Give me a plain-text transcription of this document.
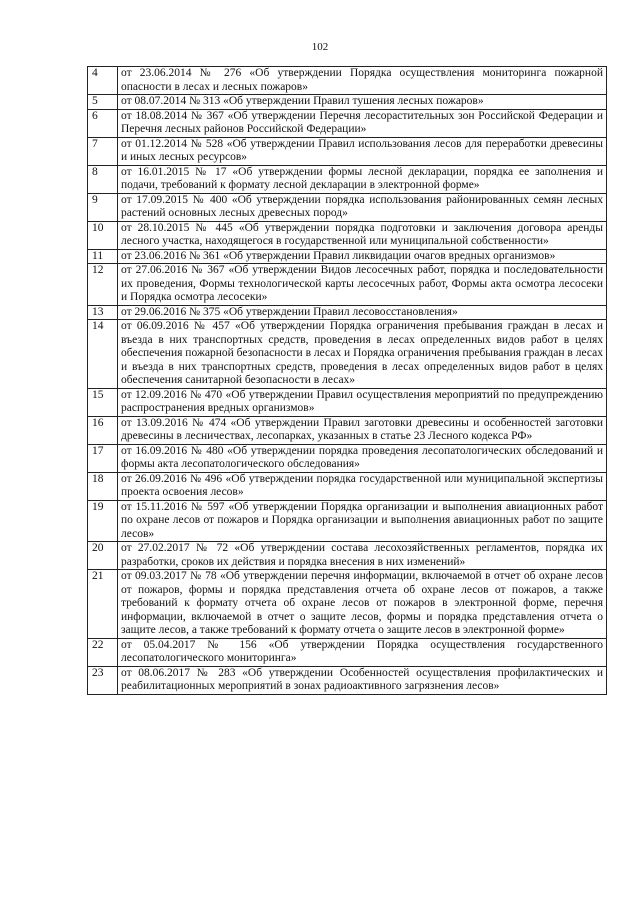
102
4	от 23.06.2014 № 276 «Об утверждении Порядка осуществления мониторинга пожарной опасности в лесах и лесных пожаров»
5	от 08.07.2014 № 313 «Об утверждении Правил тушения лесных пожаров»
6	от 18.08.2014 № 367 «Об утверждении Перечня лесорастительных зон Российской Федерации и Перечня лесных районов Российской Федерации»
7	от 01.12.2014 № 528 «Об утверждении Правил использования лесов для переработки древесины и иных лесных ресурсов»
8	от 16.01.2015 № 17 «Об утверждении формы лесной декларации, порядка ее заполнения и подачи, требований к формату лесной декларации в электронной форме»
9	от 17.09.2015 № 400 «Об утверждении порядка использования районированных семян лесных растений основных лесных древесных пород»
10	от 28.10.2015 № 445 «Об утверждении порядка подготовки и заключения договора аренды лесного участка, находящегося в государственной или муниципальной собственности»
11	от 23.06.2016 № 361 «Об утверждении Правил ликвидации очагов вредных организмов»
12	от 27.06.2016 № 367 «Об утверждении Видов лесосечных работ, порядка и последовательности их проведения, Формы технологической карты лесосечных работ, Формы акта осмотра лесосеки и Порядка осмотра лесосеки»
13	от 29.06.2016 № 375 «Об утверждении Правил лесовосстановления»
14	от 06.09.2016 № 457 «Об утверждении Порядка ограничения пребывания граждан в лесах и въезда в них транспортных средств, проведения в лесах определенных видов работ в целях обеспечения пожарной безопасности в лесах и Порядка ограничения пребывания граждан в лесах и въезда в них транспортных средств, проведения в лесах определенных видов работ в целях обеспечения санитарной безопасности в лесах»
15	от 12.09.2016 № 470 «Об утверждении Правил осуществления мероприятий по предупреждению распространения вредных организмов»
16	от 13.09.2016 № 474 «Об утверждении Правил заготовки древесины и особенностей заготовки древесины в лесничествах, лесопарках, указанных в статье 23 Лесного кодекса РФ»
17	от 16.09.2016 № 480 «Об утверждении порядка проведения лесопатологических обследований и формы акта лесопатологического обследования»
18	от 26.09.2016 № 496 «Об утверждении порядка государственной или муниципальной экспертизы проекта освоения лесов»
19	от 15.11.2016 № 597 «Об утверждении Порядка организации и выполнения авиационных работ по охране лесов от пожаров и Порядка организации и выполнения авиационных работ по защите лесов»
20	от 27.02.2017 № 72 «Об утверждении состава лесохозяйственных регламентов, порядка их разработки, сроков их действия и порядка внесения в них изменений»
21	от 09.03.2017 № 78 «Об утверждении перечня информации, включаемой в отчет об охране лесов от пожаров, формы и порядка представления отчета об охране лесов от пожаров, а также требований к формату отчета об охране лесов от пожаров в электронной форме, перечня информации, включаемой в отчет о защите лесов, формы и порядка представления отчета о защите лесов, а также требований к формату отчета о защите лесов в электронной форме»
22	от 05.04.2017 № 156 «Об утверждении Порядка осуществления государственного лесопатологического мониторинга»
23	от 08.06.2017 № 283 «Об утверждении Особенностей осуществления профилактических и реабилитационных мероприятий в зонах радиоактивного загрязнения лесов»
